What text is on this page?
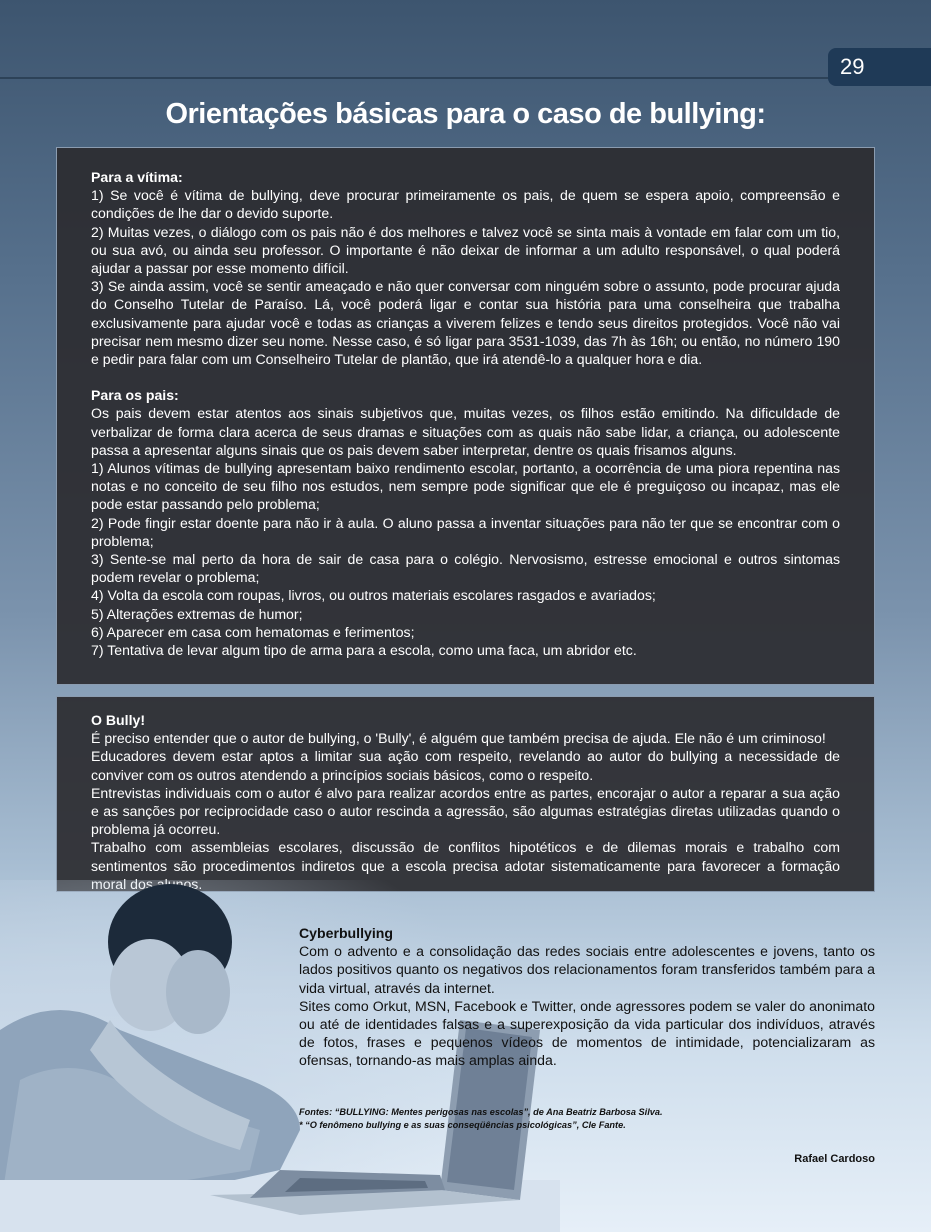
29
Orientações básicas para o caso de bullying:

Para a vítima:

1) Se você é vítima de bullying, deve procurar primeiramente os pais, de quem se espera apoio, compreensão e condições de lhe dar o devido suporte.

2) Muitas vezes, o diálogo com os pais não é dos melhores e talvez você se sinta mais à vontade em falar com um tio, ou sua avó, ou ainda seu professor. O importante é não deixar de informar a um adulto responsável, o qual poderá ajudar a passar por esse momento difícil.

3) Se ainda assim, você se sentir ameaçado e não quer conversar com ninguém sobre o assunto, pode procurar ajuda do Conselho Tutelar de Paraíso. Lá, você poderá ligar e contar sua história para uma conselheira que trabalha exclusivamente para ajudar você e todas as crianças a viverem felizes e tendo seus direitos protegidos. Você não vai precisar nem mesmo dizer seu nome. Nesse caso, é só ligar para 3531-1039, das 7h às 16h; ou então, no número 190 e pedir para falar com um Conselheiro Tutelar de plantão, que irá atendê-lo a qualquer hora e dia.

Para os pais:

Os pais devem estar atentos aos sinais subjetivos que, muitas vezes, os filhos estão emitindo. Na dificuldade de verbalizar de forma clara acerca de seus dramas e situações com as quais não sabe lidar, a criança, ou adolescente passa a apresentar alguns sinais que os pais devem saber interpretar, dentre os quais frisamos alguns.

1) Alunos vítimas de bullying apresentam baixo rendimento escolar, portanto, a ocorrência de uma piora repentina nas notas e no conceito de seu filho nos estudos, nem sempre pode significar que ele é preguiçoso ou incapaz, mas ele pode estar passando pelo problema;

2) Pode fingir estar doente para não ir à aula. O aluno passa a inventar situações para não ter que se encontrar com o problema;

3) Sente-se mal perto da hora de sair de casa para o colégio. Nervosismo, estresse emocional e outros sintomas podem revelar o problema;

4) Volta da escola com roupas, livros, ou outros materiais escolares rasgados e avariados;

5) Alterações extremas de humor;

6) Aparecer em casa com hematomas e ferimentos;

7) Tentativa de levar algum tipo de arma para a escola, como uma faca, um abridor etc.

O Bully!

É preciso entender que o autor de bullying, o 'Bully', é alguém que também precisa de ajuda. Ele não é um criminoso!

Educadores devem estar aptos a limitar sua ação com respeito, revelando ao autor do bullying a necessidade de conviver com os outros atendendo a princípios sociais básicos, como o respeito.

Entrevistas individuais com o autor é alvo para realizar acordos entre as partes, encorajar o autor a reparar a sua ação e as sanções por reciprocidade caso o autor rescinda a agressão, são algumas estratégias diretas utilizadas quando o problema já ocorreu.

Trabalho com assembleias escolares, discussão de conflitos hipotéticos e de dilemas morais e trabalho com sentimentos são procedimentos indiretos que a escola precisa adotar sistematicamente para favorecer a formação

Cyberbullying

Com o advento e a consolidação das redes sociais entre adolescentes e jovens, tanto os lados positivos quanto os negativos dos relacionamentos foram transferidos também para a vida virtual, através da internet.

Sites como Orkut, MSN, Facebook e Twitter, onde agressores podem se valer do anonimato ou até de identidades falsas e a superexposição da vida particular dos indivíduos, através de fotos, frases e pequenos vídeos de momentos de intimidade, potencializaram as ofensas, tornando-as mais amplas ainda.

Fontes: “BULLYING: Mentes perigosas nas escolas”, de Ana Beatriz Barbosa Silva.

* “O fenômeno bullying e as suas conseqüências psicológicas”, Cle Fante.

Rafael Cardoso
